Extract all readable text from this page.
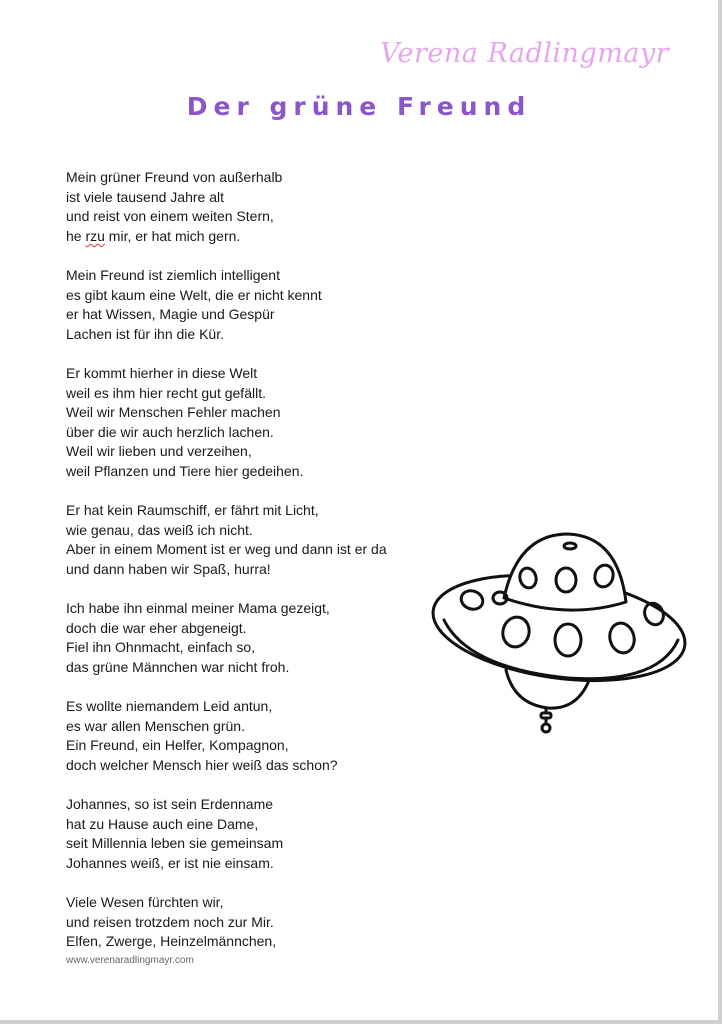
Verena Radlingmayr
Der grüne Freund
Mein grüner Freund von außerhalb
ist viele tausend Jahre alt
und reist von einem weiten Stern,
he rzu mir, er hat mich gern.
Mein Freund ist ziemlich intelligent
es gibt kaum eine Welt, die er nicht kennt
er hat Wissen, Magie und Gespür
Lachen ist für ihn die Kür.
Er kommt hierher in diese Welt
weil es ihm hier recht gut gefällt.
Weil wir Menschen Fehler machen
über die wir auch herzlich lachen.
Weil wir lieben und verzeihen,
weil Pflanzen und Tiere hier gedeihen.
Er hat kein Raumschiff, er fährt mit Licht,
wie genau, das weiß ich nicht.
Aber in einem Moment ist er weg und dann ist er da
und dann haben wir Spaß, hurra!
Ich habe ihn einmal meiner Mama gezeigt,
doch die war eher abgeneigt.
Fiel ihn Ohnmacht, einfach so,
das grüne Männchen war nicht froh.
Es wollte niemandem Leid antun,
es war allen Menschen grün.
Ein Freund, ein Helfer, Kompagnon,
doch welcher Mensch hier weiß das schon?
Johannes, so ist sein Erdenname
hat zu Hause auch eine Dame,
seit Millennia leben sie gemeinsam
Johannes weiß, er ist nie einsam.
Viele Wesen fürchten wir,
und reisen trotzdem noch zur Mir.
Elfen, Zwerge, Heinzelmännchen,
www.verenaradlingmayr.com
